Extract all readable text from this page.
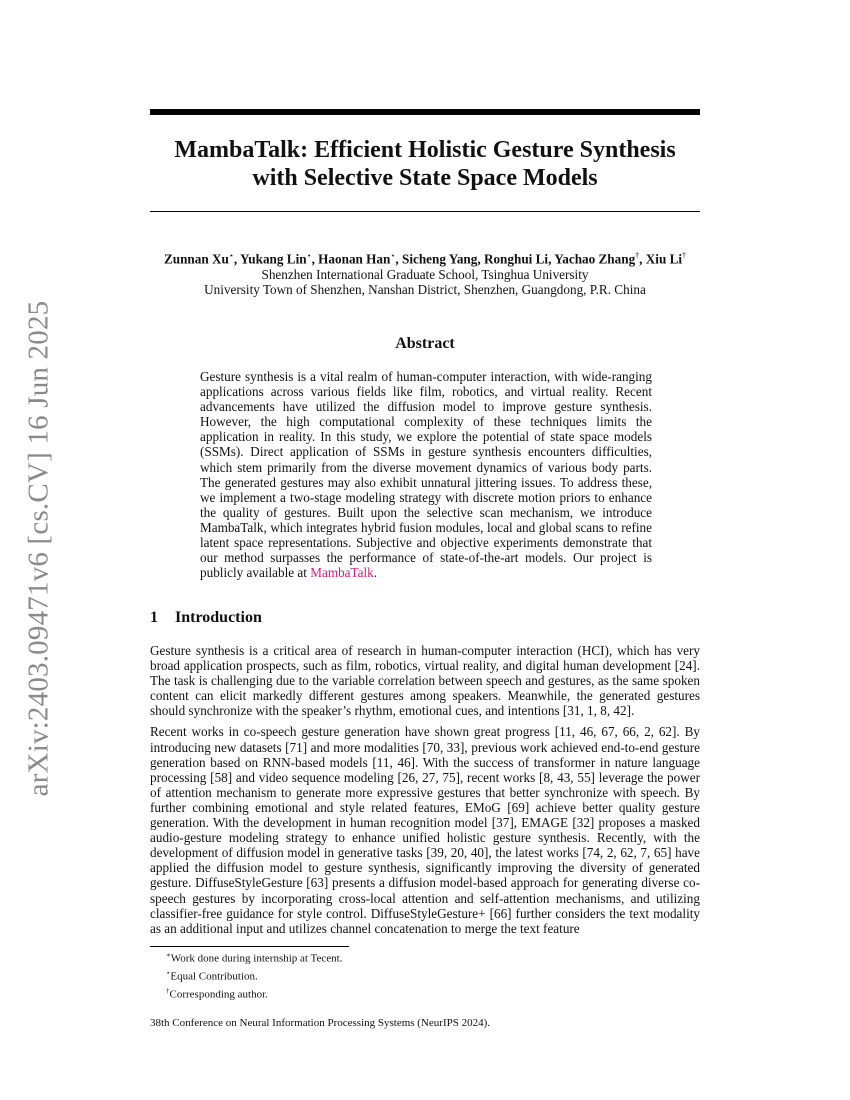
arXiv:2403.09471v6 [cs.CV] 16 Jun 2025
MambaTalk: Efficient Holistic Gesture Synthesis with Selective State Space Models
Zunnan Xu⋆, Yukang Lin⋆, Haonan Han⋆, Sicheng Yang, Ronghui Li, Yachao Zhang†, Xiu Li†
Shenzhen International Graduate School, Tsinghua University
University Town of Shenzhen, Nanshan District, Shenzhen, Guangdong, P.R. China
Abstract
Gesture synthesis is a vital realm of human-computer interaction, with wide-ranging applications across various fields like film, robotics, and virtual reality. Recent advancements have utilized the diffusion model to improve gesture synthesis. However, the high computational complexity of these techniques limits the application in reality. In this study, we explore the potential of state space models (SSMs). Direct application of SSMs in gesture synthesis encounters difficulties, which stem primarily from the diverse movement dynamics of various body parts. The generated gestures may also exhibit unnatural jittering issues. To address these, we implement a two-stage modeling strategy with discrete motion priors to enhance the quality of gestures. Built upon the selective scan mechanism, we introduce MambaTalk, which integrates hybrid fusion modules, local and global scans to refine latent space representations. Subjective and objective experiments demonstrate that our method surpasses the performance of state-of-the-art models. Our project is publicly available at MambaTalk.
1 Introduction

Gesture synthesis is a critical area of research in human-computer interaction (HCI), which has very broad application prospects, such as film, robotics, virtual reality, and digital human development [24]. The task is challenging due to the variable correlation between speech and gestures, as the same spoken content can elicit markedly different gestures among speakers. Meanwhile, the generated gestures should synchronize with the speaker’s rhythm, emotional cues, and intentions [31, 1, 8, 42].

Recent works in co-speech gesture generation have shown great progress [11, 46, 67, 66, 2, 62]. By introducing new datasets [71] and more modalities [70, 33], previous work achieved end-to-end gesture generation based on RNN-based models [11, 46]. With the success of transformer in nature language processing [58] and video sequence modeling [26, 27, 75], recent works [8, 43, 55] leverage the power of attention mechanism to generate more expressive gestures that better synchronize with speech. By further combining emotional and style related features, EMoG [69] achieve better quality gesture generation. With the development in human recognition model [37], EMAGE [32] proposes a masked audio-gesture modeling strategy to enhance unified holistic gesture synthesis. Recently, with the development of diffusion model in generative tasks [39, 20, 40], the latest works [74, 2, 62, 7, 65] have applied the diffusion model to gesture synthesis, significantly improving the diversity of generated gesture. DiffuseStyleGesture [63] presents a diffusion model-based approach for generating diverse co-speech gestures by incorporating cross-local attention and self-attention mechanisms, and utilizing classifier-free guidance for style control. DiffuseStyleGesture+ [66] further considers the text modality as an additional input and utilizes channel concatenation to merge the text feature

∗Work done during internship at Tecent.
⋆Equal Contribution.
†Corresponding author.
38th Conference on Neural Information Processing Systems (NeurIPS 2024).
